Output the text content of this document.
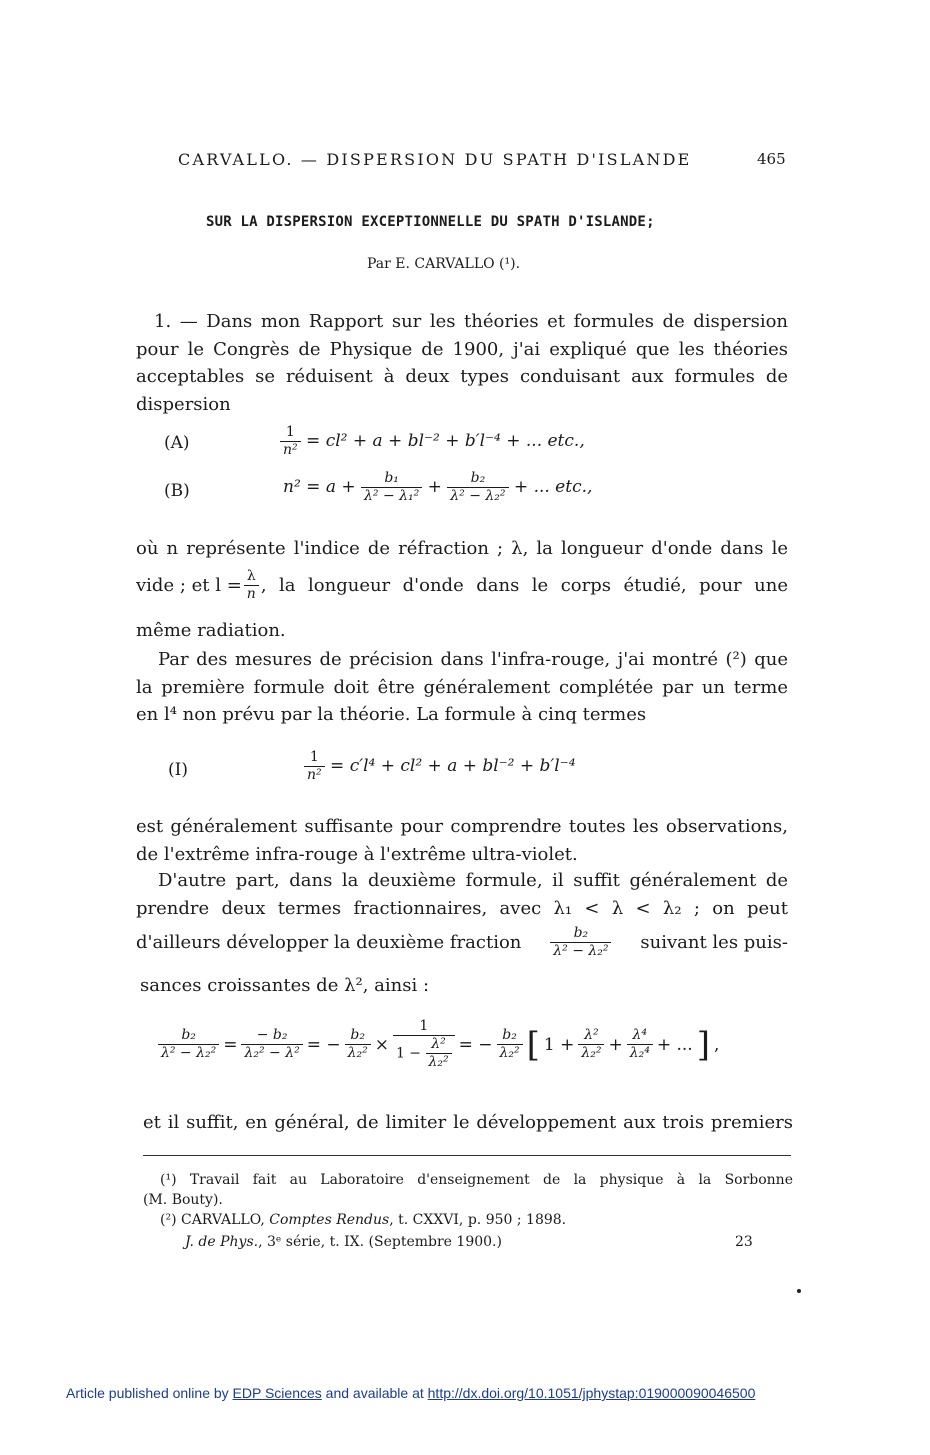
CARVALLO. — DISPERSION DU SPATH D'ISLANDE	465
SUR LA DISPERSION EXCEPTIONNELLE DU SPATH D'ISLANDE;
Par E. CARVALLO (¹).
1. — Dans mon Rapport sur les théories et formules de dispersion
pour le Congrès de Physique de 1900, j'ai expliqué que les théories
acceptables se réduisent à deux types conduisant aux formules de
dispersion
(A)	$\frac{1}{\text{n²}} = cl^2 + a + bl^{-2} + b'l^{-4}$ + ... etc.,
(B)	$n^2 = a + \frac{\text{b₁}}{\text{λ² − λ₁²}} + \frac{\text{b₂}}{\text{λ² − λ₂²}}$ + ... etc.,
où n représente l'indice de réfraction ; λ, la longueur d'onde dans le
vide ; et $l = \frac{\lambda}{n}$ , la longueur d'onde dans le corps étudié, pour une
même radiation.
Par des mesures de précision dans l'infra-rouge, j'ai montré (²) que
la première formule doit être généralement complétée par un terme
en l⁴ non prévu par la théorie. La formule à cinq termes
(I)	$\frac{1}{\text{n²}} = c'l^4 + cl^2 + a + bl^{-2} + b'l^{-4}$
est généralement suffisante pour comprendre toutes les observations,
de l'extrême infra-rouge à l'extrême ultra-violet.
D'autre part, dans la deuxième formule, il suffit généralement de
prendre deux termes fractionnaires, avec λ₁ < λ < λ₂ ; on peut
d'ailleurs développer la deuxième fraction $\frac{\text{b₂}}{\text{λ² − λ₂²}}$ suivant les puis-
sances croissantes de λ², ainsi :
$\frac{\text{b₂}}{\text{λ² − λ₂²}} = \frac{\text{− b₂}}{\text{λ₂² − λ²}}$ = − $\frac{\text{b₂}}{\text{λ₂²}} \times \frac{1}{1 - \frac{\text{λ²}}{\text{λ₂²}}}$ = − $\frac{\text{b₂}}{\text{λ₂²}}$ [ $1 + \frac{\text{λ²}}{\text{λ₂²}} + \frac{\text{λ⁴}}{\text{λ₂⁴}}$ + ... ] ,
et il suffit, en général, de limiter le développement aux trois premiers
(¹) Travail fait au Laboratoire d'enseignement de la physique à la Sorbonne
(M. Bouty).
(²) CARVALLO, Comptes Rendus, t. CXXVI, p. 950 ; 1898.
J. de Phys., 3ᵉ série, t. IX. (Septembre 1900.)	23
Article published online by EDP Sciences and available at http://dx.doi.org/10.1051/jphystap:019000090046500
